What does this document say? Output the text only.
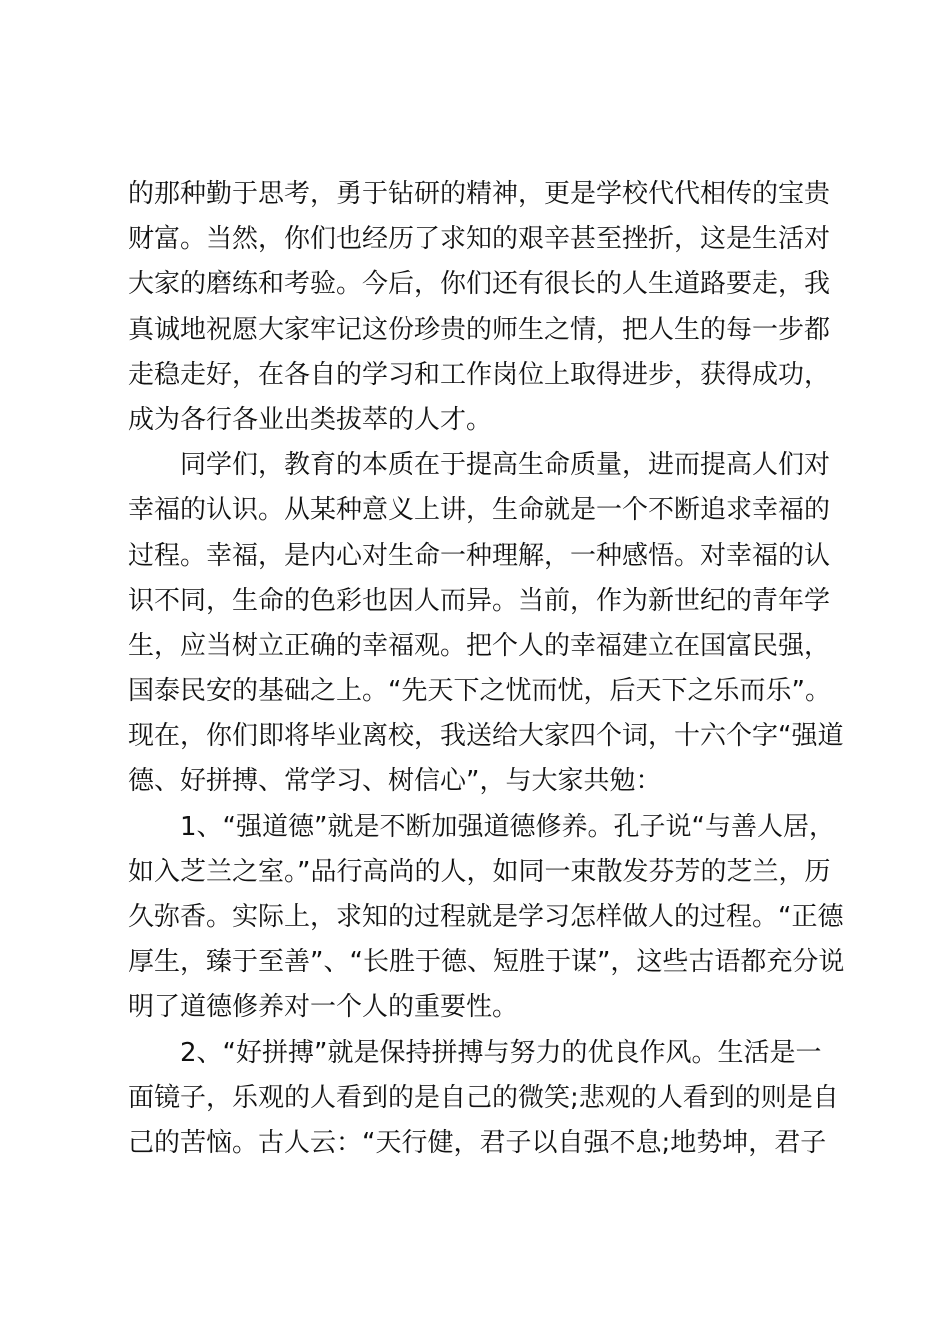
的那种勤于思考，勇于钻研的精神，更是学校代代相传的宝贵
财富。当然，你们也经历了求知的艰辛甚至挫折，这是生活对
大家的磨练和考验。今后，你们还有很长的人生道路要走，我
真诚地祝愿大家牢记这份珍贵的师生之情，把人生的每一步都
走稳走好，在各自的学习和工作岗位上取得进步，获得成功，
成为各行各业出类拔萃的人才。
　　同学们，教育的本质在于提高生命质量，进而提高人们对
幸福的认识。从某种意义上讲，生命就是一个不断追求幸福的
过程。幸福，是内心对生命一种理解，一种感悟。对幸福的认
识不同，生命的色彩也因人而异。当前，作为新世纪的青年学
生，应当树立正确的幸福观。把个人的幸福建立在国富民强，
国泰民安的基础之上。“先天下之忧而忧，后天下之乐而乐”。
现在，你们即将毕业离校，我送给大家四个词，十六个字“强道
德、好拼搏、常学习、树信心”，与大家共勉：
　　1、“强道德”就是不断加强道德修养。孔子说“与善人居，
如入芝兰之室。”品行高尚的人，如同一束散发芬芳的芝兰，历
久弥香。实际上，求知的过程就是学习怎样做人的过程。“正德
厚生，臻于至善”、“长胜于德、短胜于谋”，这些古语都充分说
明了道德修养对一个人的重要性。
　　2、“好拼搏”就是保持拼搏与努力的优良作风。生活是一
面镜子，乐观的人看到的是自己的微笑;悲观的人看到的则是自
己的苦恼。古人云：“天行健，君子以自强不息;地势坤，君子
